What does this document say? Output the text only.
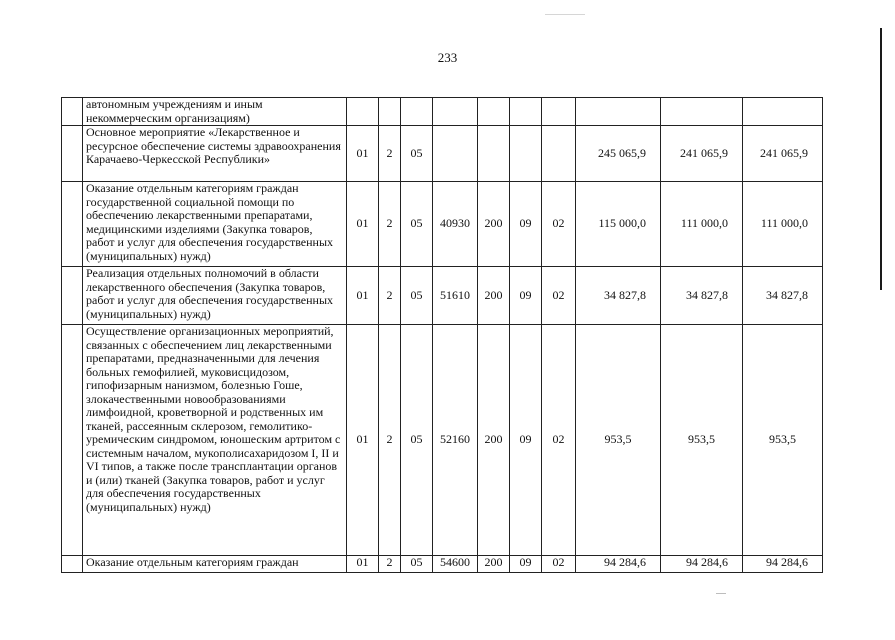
233
	автономным учреждениям и иным некоммерческим организациям)										
	Основное мероприятие «Лекарственное и ресурсное обеспечение системы здравоохранения Карачаево-Черкесской Республики»	01	2	05					245 065,9	241 065,9	241 065,9
	Оказание отдельным категориям граждан государственной социальной помощи по обеспечению лекарственными препаратами, медицинскими изделиями (Закупка товаров, работ и услуг для обеспечения государственных (муниципальных) нужд)	01	2	05	40930	200	09	02	115 000,0	111 000,0	111 000,0
	Реализация отдельных полномочий в области лекарственного обеспечения (Закупка товаров, работ и услуг для обеспечения государственных (муниципальных) нужд)	01	2	05	51610	200	09	02	34 827,8	34 827,8	34 827,8
	Осуществление организационных мероприятий, связанных с обеспечением лиц лекарственными препаратами, предназначенными для лечения больных гемофилией, муковисцидозом, гипофизарным нанизмом, болезнью Гоше, злокачественными новообразованиями лимфоидной, кроветворной и родственных им тканей, рассеянным склерозом, гемолитико-уремическим синдромом, юношеским артритом с системным началом, мукополисахаридозом I, II и VI типов, а также после трансплантации органов и (или) тканей (Закупка товаров, работ и услуг для обеспечения государственных (муниципальных) нужд)	01	2	05	52160	200	09	02	953,5	953,5	953,5
	Оказание отдельным категориям граждан	01	2	05	54600	200	09	02	94 284,6	94 284,6	94 284,6
